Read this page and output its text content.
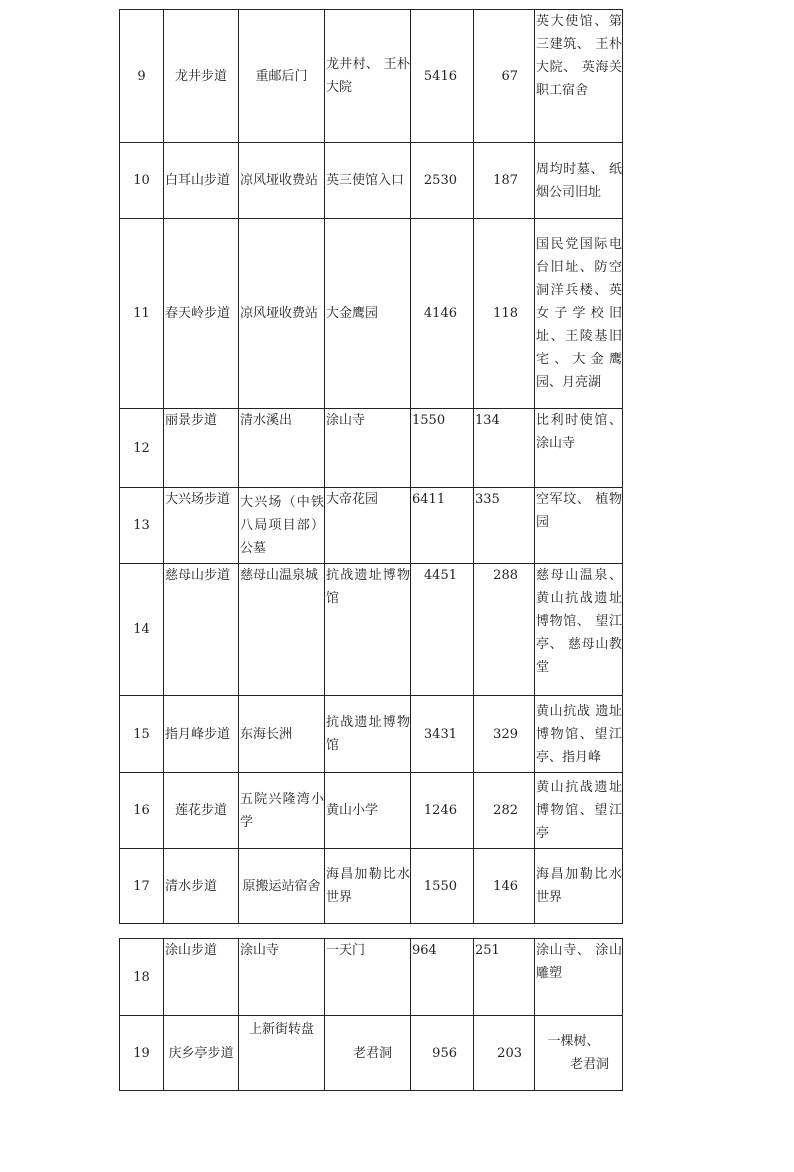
9	龙井步道	重邮后门	龙井村、 王朴大院	5416	67	英大使馆、第三建筑、 王朴大院、 英海关职工宿舍
10	白耳山步道	凉风垭收费站	英三使馆入口	2530	187	周均时墓、 纸烟公司旧址
11	春天岭步道	凉风垭收费站	大金鹰园	4146	118	国民党国际电台旧址、防空洞洋兵楼、英女子学校旧址、王陵基旧宅、大金鹰园、月亮湖
12	丽景步道	清水溪出	涂山寺	1550	134	比利时使馆、涂山寺
13	大兴场步道	大兴场（中铁八局项目部）公墓	大帝花园	6411	335	空军坟、 植物园
14	慈母山步道	慈母山温泉城	抗战遗址博物馆	4451	288	慈母山温泉、黄山抗战遗址博物馆、 望江亭、 慈母山教堂
15	指月峰步道	东海长洲	抗战遗址博物馆	3431	329	黄山抗战 遗址博物馆、望江亭、指月峰
16	莲花步道	五院兴隆湾小学	黄山小学	1246	282	黄山抗战遗址博物馆、望江亭
17	清水步道	原搬运站宿舍	海昌加勒比水世界	1550	146	海昌加勒比水世界
18	涂山步道	涂山寺	一天门	964	251	涂山寺、 涂山雕塑
19	庆乡亭步道	上新街转盘	老君洞	956	203	一棵树、
老君洞
